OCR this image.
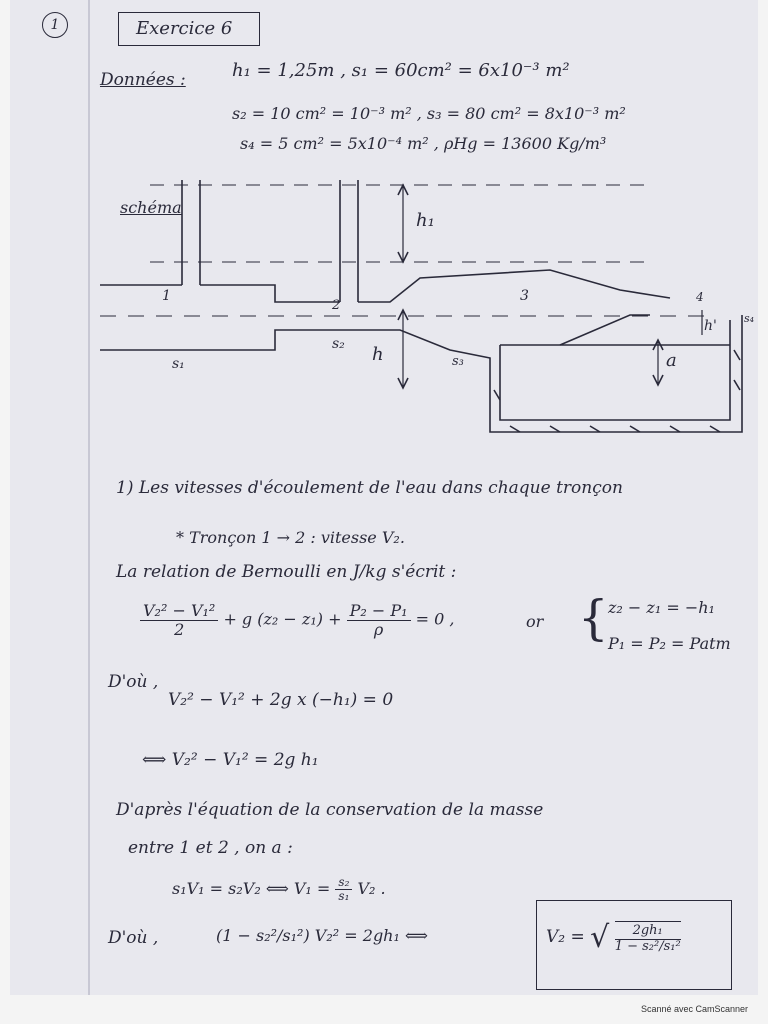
1	Exercice 6
Données :	h₁ = 1,25m , s₁ = 60cm² = 6x10⁻³ m²
s₂ = 10 cm² = 10⁻³ m² , s₃ = 80 cm² = 8x10⁻³ m²
s₄ = 5 cm² = 5x10⁻⁴ m² , ρHg = 13600 Kg/m³
schéma
1
2
3	4
s₁
s₂
s₃
s₄
h₁
h
h'
a
1) Les vitesses d'écoulement de l'eau dans chaque tronçon
* Tronçon 1 → 2 : vitesse V₂.
La relation de Bernoulli en J/kg s'écrit :
$\frac{\text{V₂² − V₁²}}{2} + g$ $(z_2 - z_1) + \frac{\text{P₂ − P₁}}{\rho} = 0$ ,	or { z₂ − z₁ = −h₁
P₁ = P₂ = Patm
D'où ,
V₂² − V₁² + 2g x (−h₁) = 0
⟺ V₂² − V₁² = 2g h₁
D'après l'équation de la conservation de la masse
entre 1 et 2 , on a :
s₁V₁ = s₂V₂ ⟺ $V_1 = \frac{\text{s₂}}{\text{s₁}} V_2$ .
D'où ,	(1 − s₂²/s₁²) V₂² = 2gh₁ ⟺	V₂ = √ $\frac{\text{2gh₁}}{\text{1 − s₂²/s₁²}}$
Scanné avec CamScanner
